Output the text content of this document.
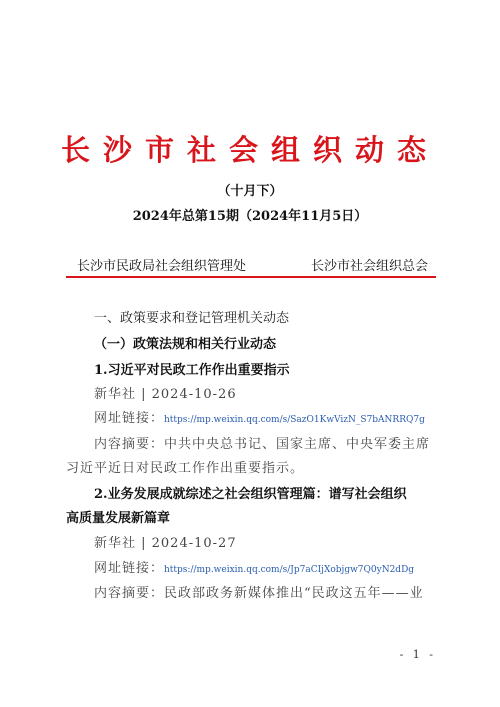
长沙市社会组织动态
（十月下）
2024年总第15期（2024年11月5日）
长沙市民政局社会组织管理处	长沙市社会组织总会
一、政策要求和登记管理机关动态
（一）政策法规和相关行业动态
1.习近平对民政工作作出重要指示
新华社 | 2024-10-26
网址链接：https://mp.weixin.qq.com/s/SazO1KwVizN_S7bANRRQ7g
内容摘要：中共中央总书记、国家主席、中央军委主席
习近平近日对民政工作作出重要指示。
2.业务发展成就综述之社会组织管理篇：谱写社会组织
高质量发展新篇章
新华社 | 2024-10-27
网址链接：https://mp.weixin.qq.com/s/Jp7aCIjXobjgw7Q0yN2dDg
内容摘要：民政部政务新媒体推出“民政这五年——业
- 1 -
